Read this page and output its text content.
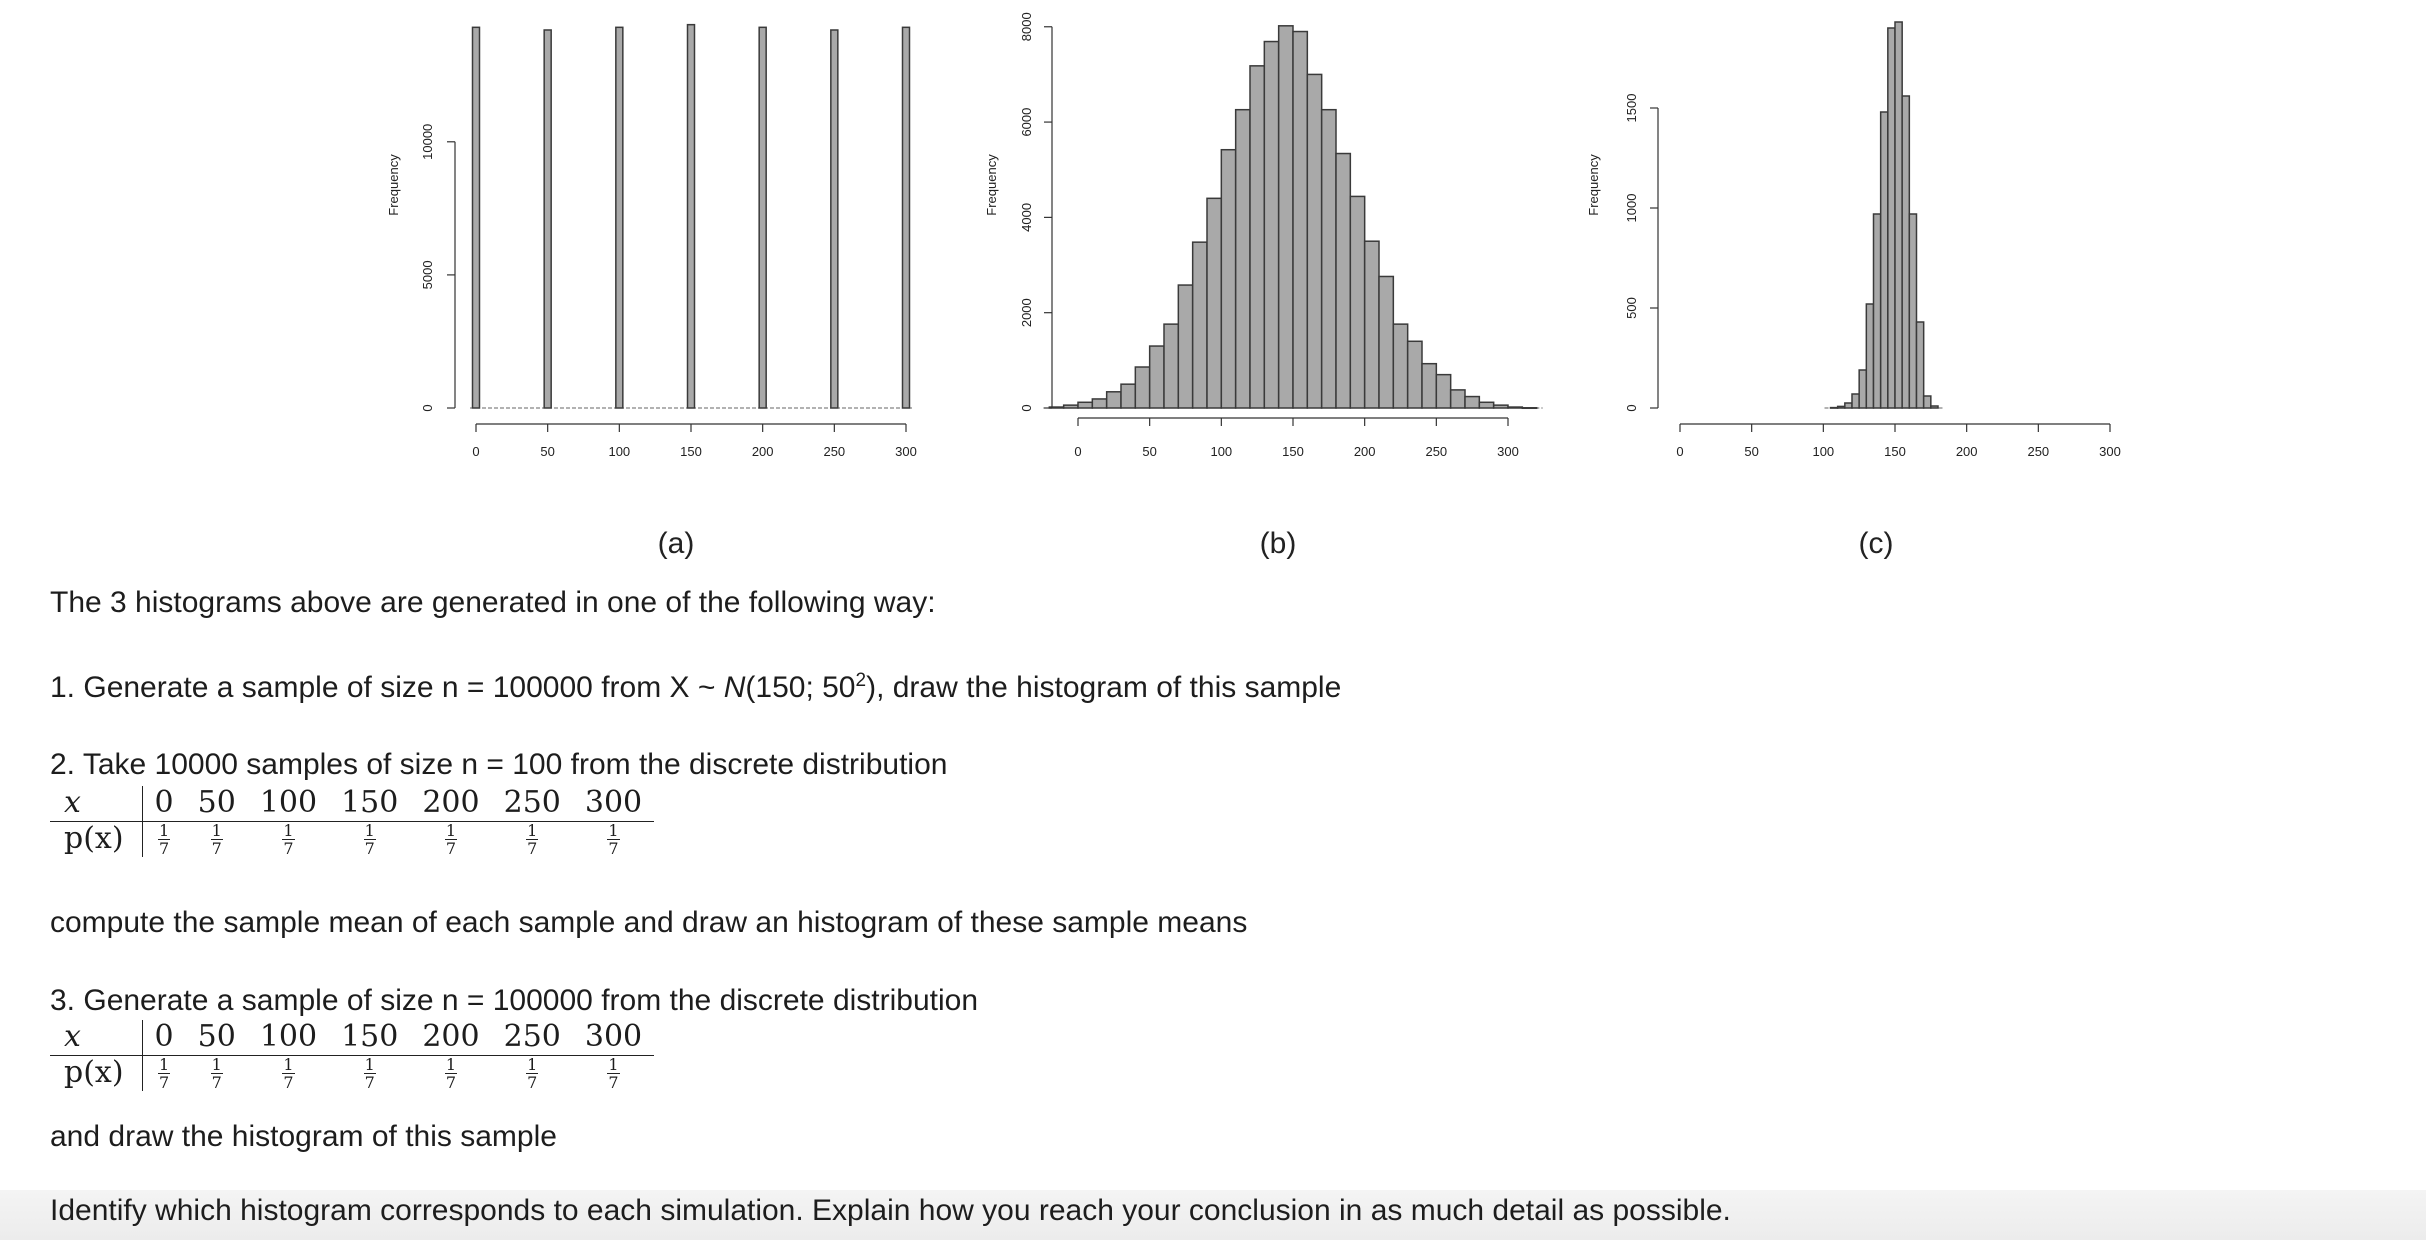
0	50	100	150	200	250	300
0
5000
10000
Frequency
(a)
0	50	100	150	200	250	300
0
2000
4000
6000
8000
Frequency
(b)
0	50	100	150	200	250	300
0
500
1000
1500
Frequency
(c)

The 3 histograms above are generated in one of the following way:

1. Generate a sample of size n = 100000 from X ~ N(150; $50^2$), draw the histogram of this sample

2. Take 10000 samples of size n = 100 from the discrete distribution

x	0	50	100	150	200	250	300
p(x)	$\frac{1}{7}$	$\frac{1}{7}$	$\frac{1}{7}$	$\frac{1}{7}$	$\frac{1}{7}$	$\frac{1}{7}$	$\frac{1}{7}$

compute the sample mean of each sample and draw an histogram of these sample means

3. Generate a sample of size n = 100000 from the discrete distribution

x	0	50	100	150	200	250	300
p(x)	$\frac{1}{7}$	$\frac{1}{7}$	$\frac{1}{7}$	$\frac{1}{7}$	$\frac{1}{7}$	$\frac{1}{7}$	$\frac{1}{7}$

and draw the histogram of this sample

Identify which histogram corresponds to each simulation. Explain how you reach your conclusion in as much detail as possible.
